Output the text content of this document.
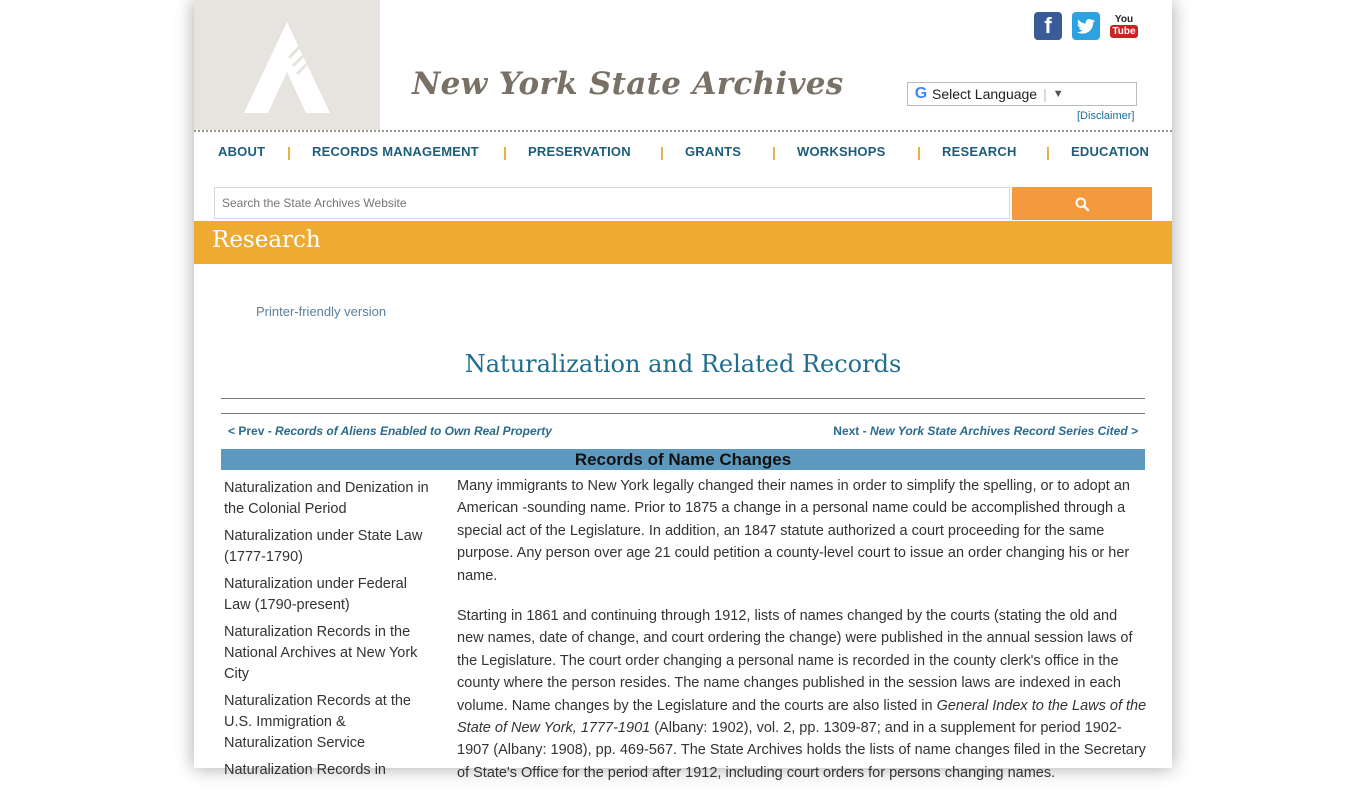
New York State Archives
f	You
Tube
G Select Language | ▼
[Disclaimer]
ABOUT | RECORDS MANAGEMENT | PRESERVATION | GRANTS | WORKSHOPS | RESEARCH | EDUCATION
Search the State Archives Website
Research
Printer-friendly version
Naturalization and Related Records
< Prev - Records of Aliens Enabled to Own Real Property	Next - New York State Archives Record Series Cited >
Records of Name Changes
Naturalization and Denization in the Colonial Period
Naturalization under State Law (1777-1790)
Naturalization under Federal Law (1790-present)
Naturalization Records in the National Archives at New York City
Naturalization Records at the U.S. Immigration & Naturalization Service
Naturalization Records in

Many immigrants to New York legally changed their names in order to simplify the spelling, or to adopt an American -sounding name. Prior to 1875 a change in a personal name could be accomplished through a special act of the Legislature. In addition, an 1847 statute authorized a court proceeding for the same purpose. Any person over age 21 could petition a county-level court to issue an order changing his or her name.

Starting in 1861 and continuing through 1912, lists of names changed by the courts (stating the old and new names, date of change, and court ordering the change) were published in the annual session laws of the Legislature. The court order changing a personal name is recorded in the county clerk's office in the county where the person resides. The name changes published in the session laws are indexed in each volume. Name changes by the Legislature and the courts are also listed in General Index to the Laws of the State of New York, 1777-1901 (Albany: 1902), vol. 2, pp. 1309-87; and in a supplement for period 1902-1907 (Albany: 1908), pp. 469-567. The State Archives holds the lists of name changes filed in the Secretary of State's Office for the period after 1912, including court orders for persons changing names.
